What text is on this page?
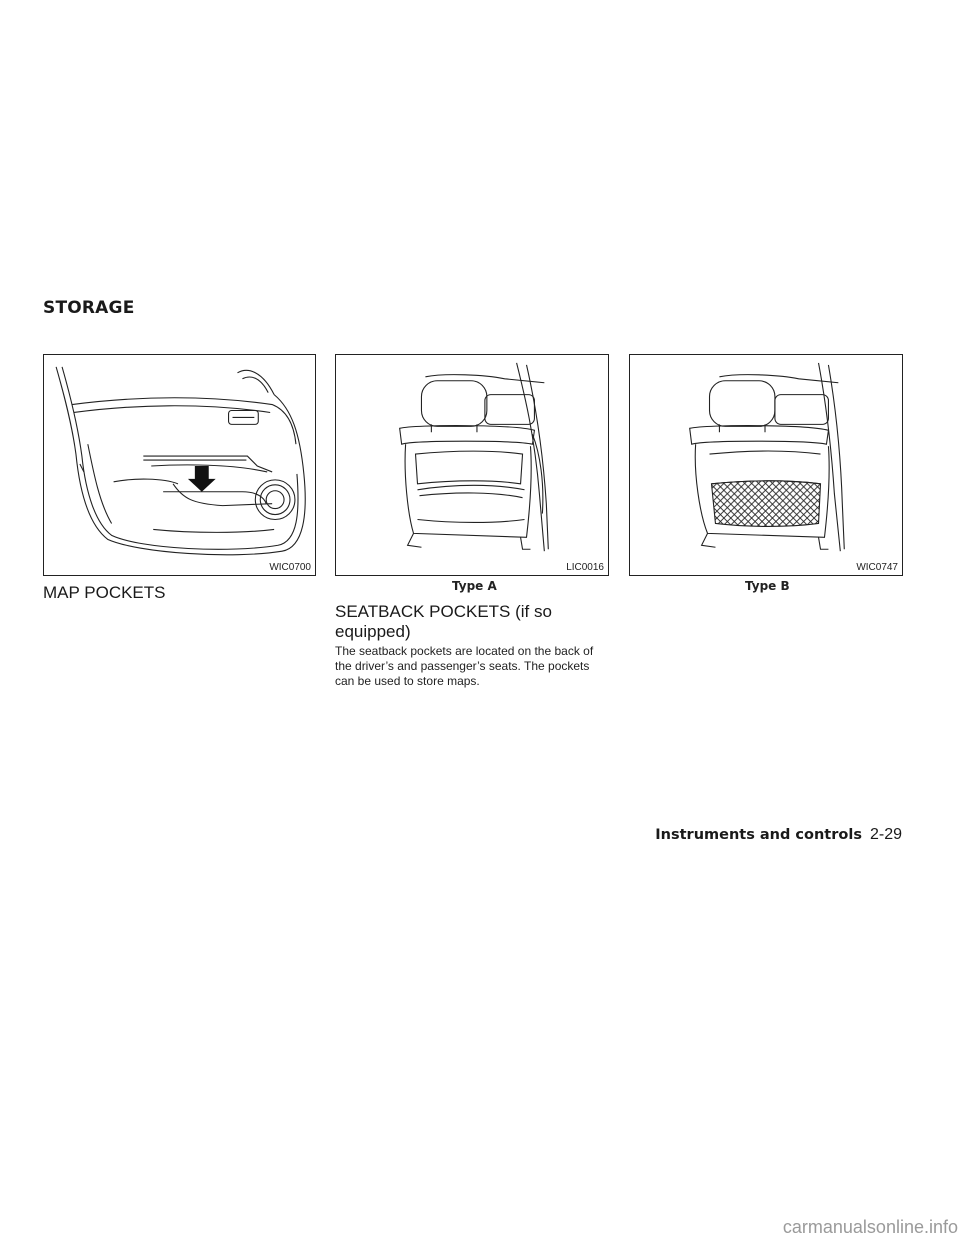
STORAGE
WIC0700	LIC0016
Type A
WIC0747
Type B
MAP POCKETS
SEATBACK POCKETS (if so equipped)

The seatback pockets are located on the back of the driver’s and passenger’s seats. The pockets can be used to store maps.

Instruments and controls 2-29
carmanualsonline.info
